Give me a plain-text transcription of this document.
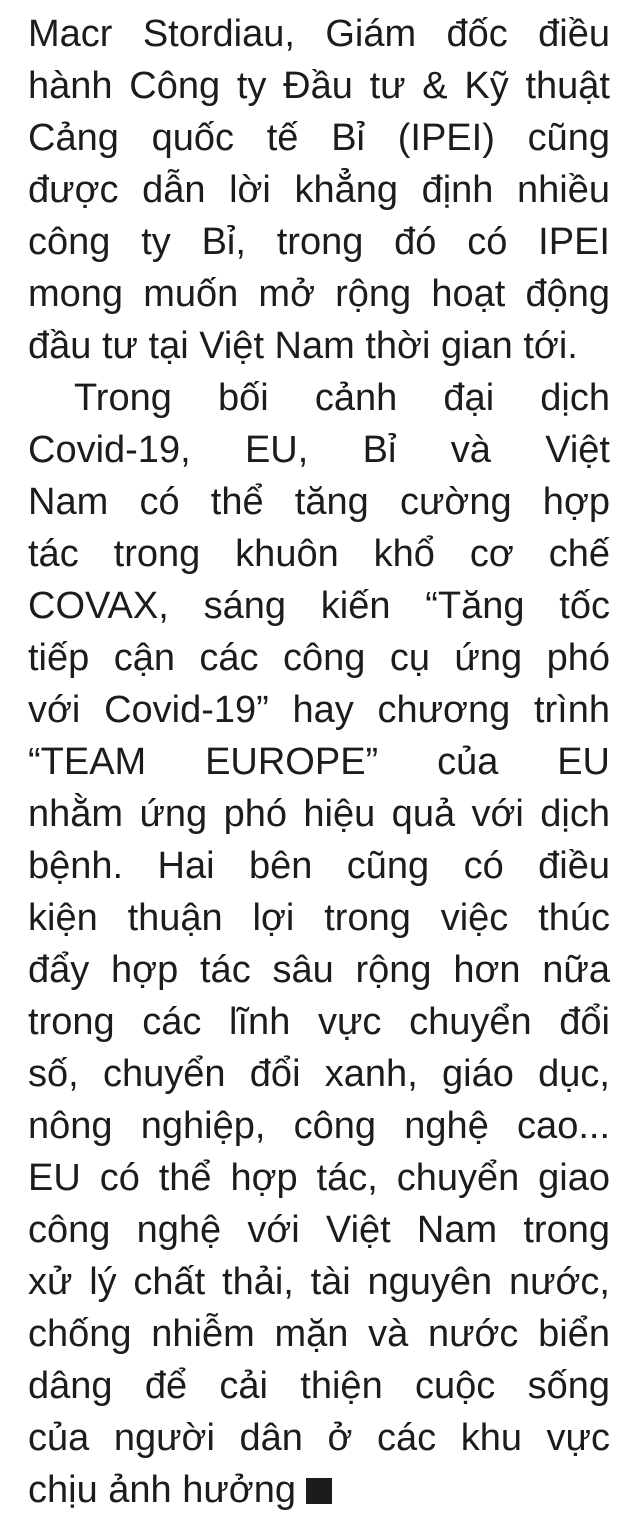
Macr Stordiau, Giám đốc điều
hành Công ty Đầu tư & Kỹ thuật
Cảng quốc tế Bỉ (IPEI) cũng
được dẫn lời khẳng định nhiều
công ty Bỉ, trong đó có IPEI
mong muốn mở rộng hoạt động
đầu tư tại Việt Nam thời gian tới.
Trong bối cảnh đại dịch
Covid-19, EU, Bỉ và Việt
Nam có thể tăng cường hợp
tác trong khuôn khổ cơ chế
COVAX, sáng kiến “Tăng tốc
tiếp cận các công cụ ứng phó
với Covid-19” hay chương trình
“TEAM EUROPE” của EU
nhằm ứng phó hiệu quả với dịch
bệnh. Hai bên cũng có điều
kiện thuận lợi trong việc thúc
đẩy hợp tác sâu rộng hơn nữa
trong các lĩnh vực chuyển đổi
số, chuyển đổi xanh, giáo dục,
nông nghiệp, công nghệ cao...
EU có thể hợp tác, chuyển giao
công nghệ với Việt Nam trong
xử lý chất thải, tài nguyên nước,
chống nhiễm mặn và nước biển
dâng để cải thiện cuộc sống
của người dân ở các khu vực
chịu ảnh hưởng
